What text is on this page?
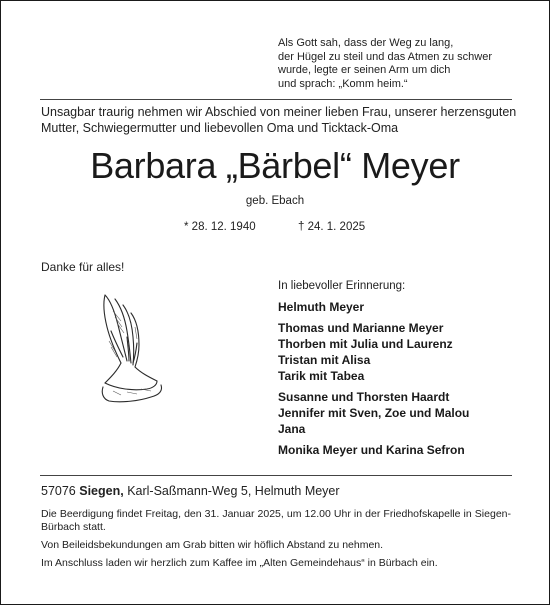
Als Gott sah, dass der Weg zu lang,
der Hügel zu steil und das Atmen zu schwer
wurde, legte er seinen Arm um dich
und sprach: „Komm heim.“
Unsagbar traurig nehmen wir Abschied von meiner lieben Frau, unserer herzensguten
Mutter, Schwiegermutter und liebevollen Oma und Ticktack-Oma
Barbara „Bärbel“ Meyer
geb. Ebach
* 28. 12. 1940	† 24. 1. 2025
Danke für alles!
In liebevoller Erinnerung:
Helmuth Meyer
Thomas und Marianne Meyer
Thorben mit Julia und Laurenz
Tristan mit Alisa
Tarik mit Tabea
Susanne und Thorsten Haardt
Jennifer mit Sven, Zoe und Malou
Jana
Monika Meyer und Karina Sefron
57076 Siegen, Karl-Saßmann-Weg 5, Helmuth Meyer

Die Beerdigung findet Freitag, den 31. Januar 2025, um 12.00 Uhr in der Friedhofskapelle in Siegen-Bürbach statt.

Von Beileidsbekundungen am Grab bitten wir höflich Abstand zu nehmen.

Im Anschluss laden wir herzlich zum Kaffee im „Alten Gemeindehaus“ in Bürbach ein.
